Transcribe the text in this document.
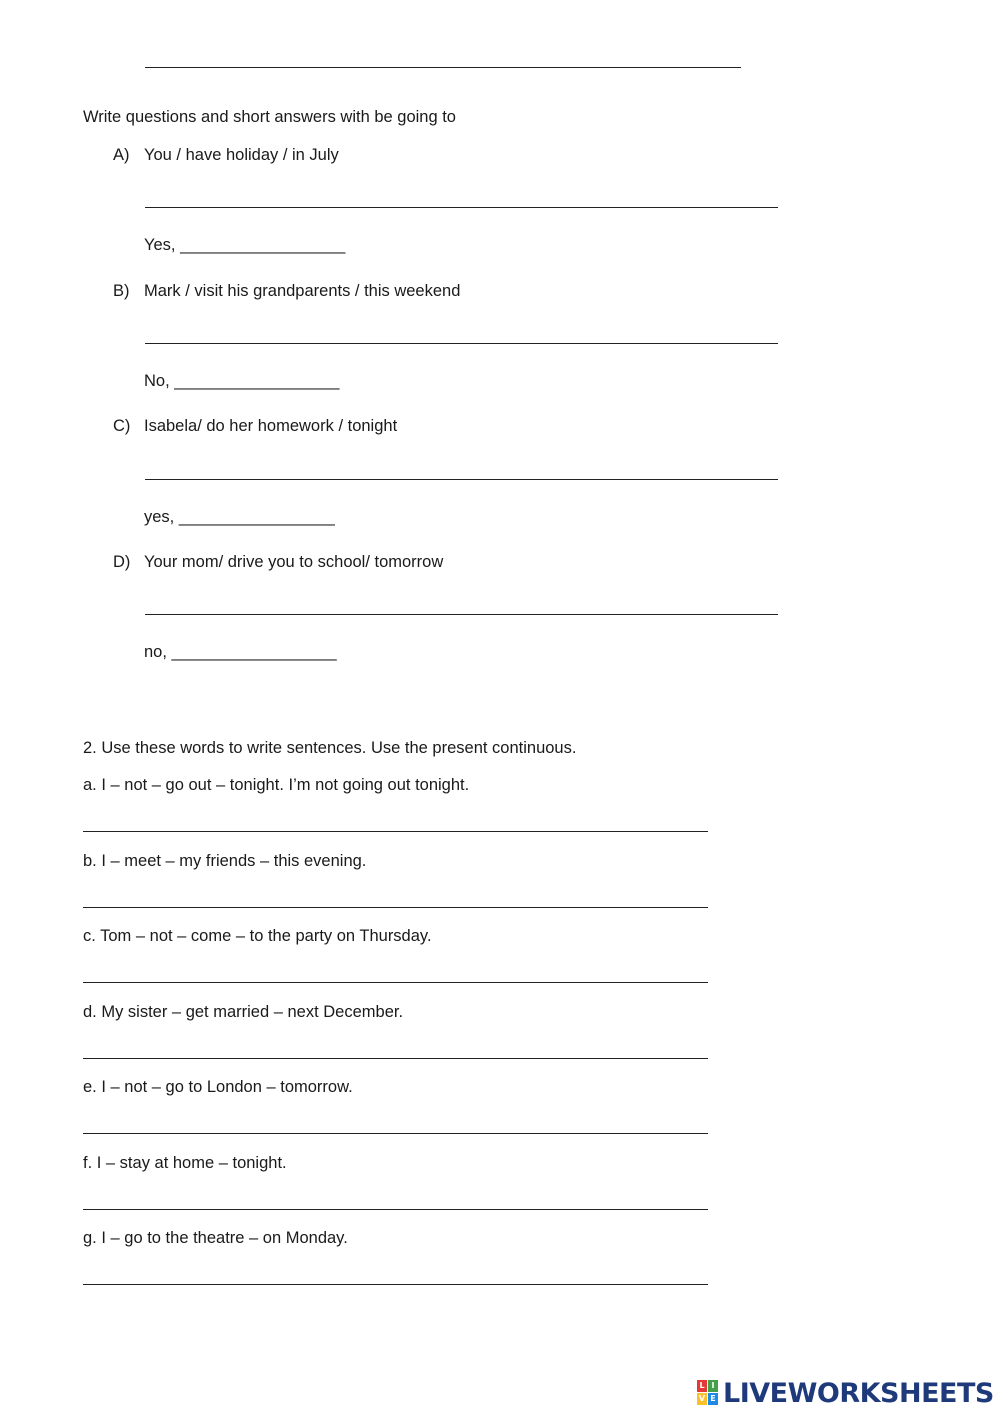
Write questions and short answers with be going to
A) You / have holiday / in July
Yes, __________________
B) Mark / visit his grandparents / this weekend
No, __________________
C) Isabela/ do her homework / tonight
yes, _________________
D) Your mom/ drive you to school/ tomorrow
no, __________________
2. Use these words to write sentences. Use the present continuous.
a. I – not – go out – tonight. I’m not going out tonight.
b. I – meet – my friends – this evening.
c. Tom – not – come – to the party on Thursday.
d. My sister – get married – next December.
e. I – not – go to London – tomorrow.
f. I – stay at home – tonight.
g. I – go to the theatre – on Monday.
L I
V E LIVEWORKSHEETS
